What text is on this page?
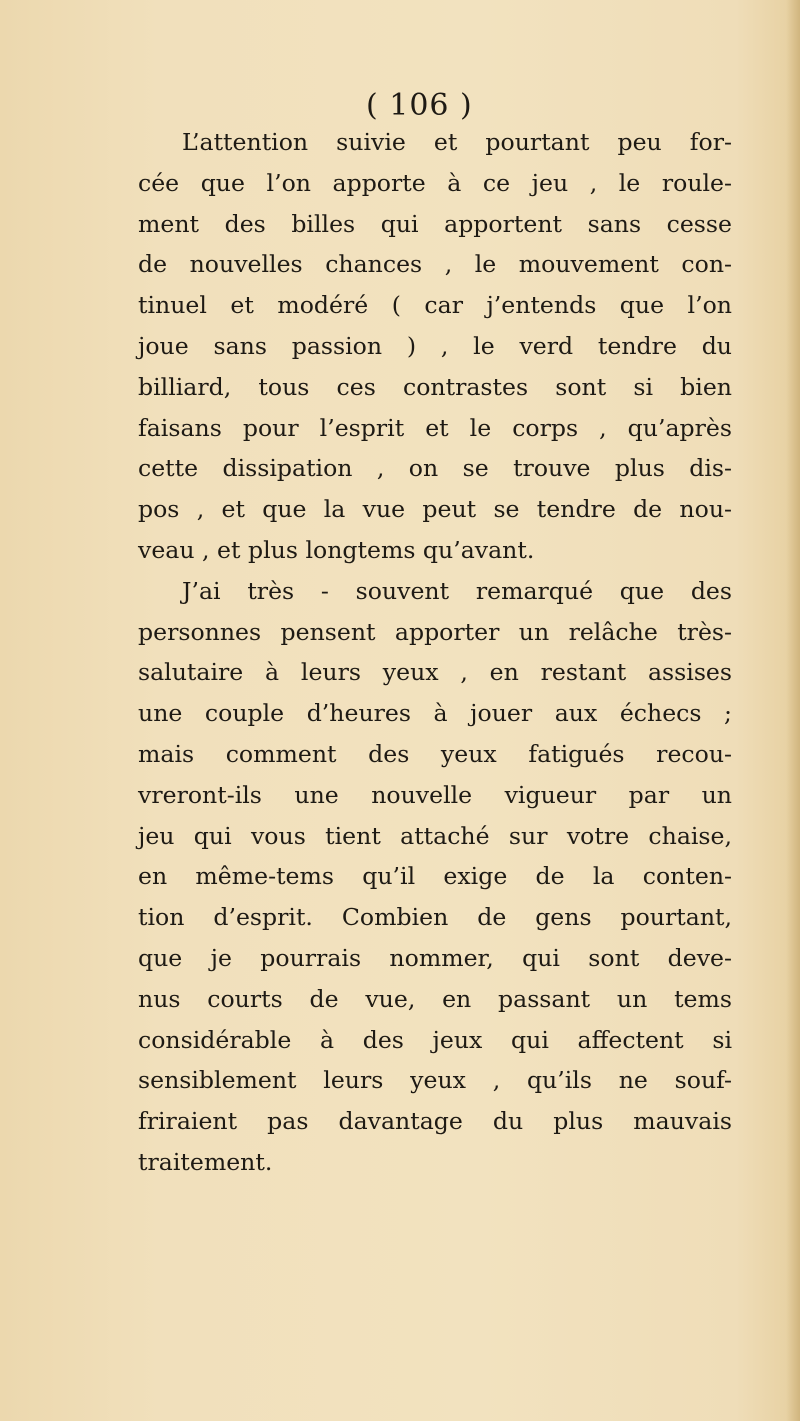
( 106 )
L’attention suivie et pourtant peu for-
cée que l’on apporte à ce jeu , le roule-
ment des billes qui apportent sans cesse
de nouvelles chances , le mouvement con-
tinuel et modéré ( car j’entends que l’on
joue sans passion ) , le verd tendre du
billiard, tous ces contrastes sont si bien
faisans pour l’esprit et le corps , qu’après
cette dissipation , on se trouve plus dis-
pos , et que la vue peut se tendre de nou-
veau , et plus longtems qu’avant.
J’ai très - souvent remarqué que des
personnes pensent apporter un relâche très-
salutaire à leurs yeux , en restant assises
une couple d’heures à jouer aux échecs ;
mais comment des yeux fatigués recou-
vreront-ils une nouvelle vigueur par un
jeu qui vous tient attaché sur votre chaise,
en même-tems qu’il exige de la conten-
tion d’esprit. Combien de gens pourtant,
que je pourrais nommer, qui sont deve-
nus courts de vue, en passant un tems
considérable à des jeux qui affectent si
sensiblement leurs yeux , qu’ils ne souf-
friraient pas davantage du plus mauvais
traitement.
